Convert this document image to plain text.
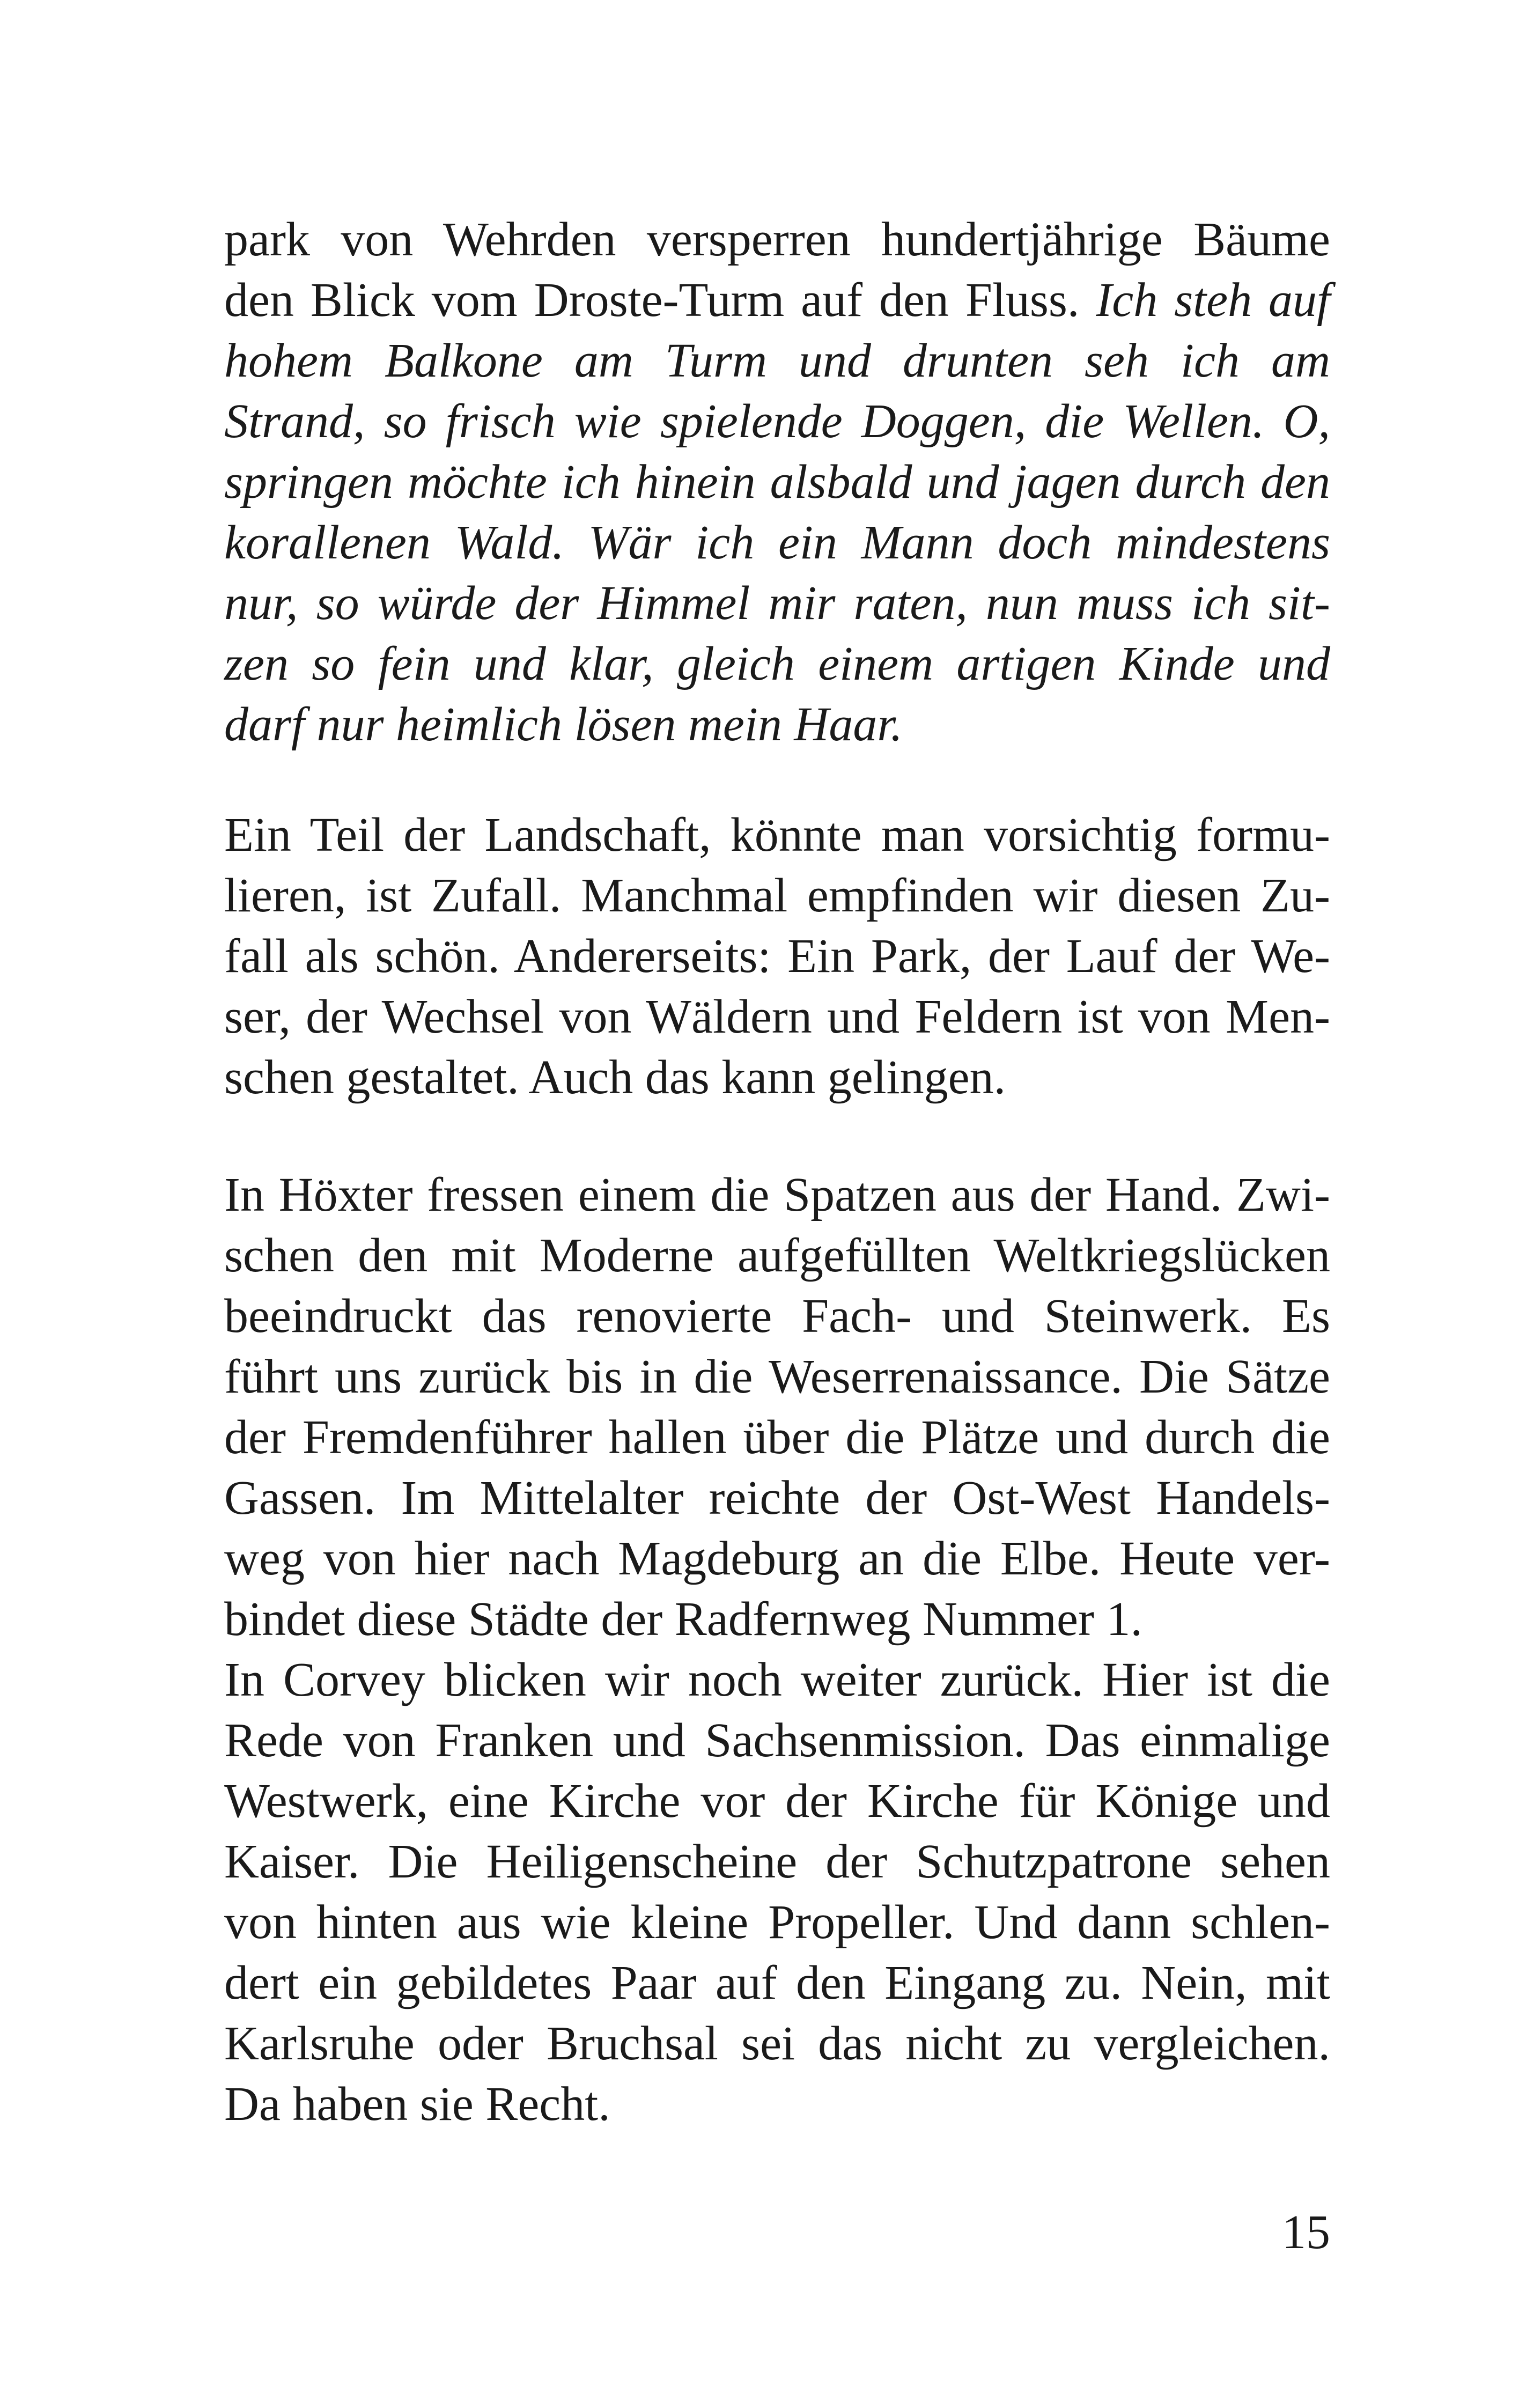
park von Wehrden versperren hundertjährige Bäume
den Blick vom Droste-Turm auf den Fluss. Ich steh auf
hohem Balkone am Turm und drunten seh ich am
Strand, so frisch wie spielende Doggen, die Wellen. O,
springen möchte ich hinein alsbald und jagen durch den
korallenen Wald. Wär ich ein Mann doch mindestens
nur, so würde der Himmel mir raten, nun muss ich sit-
zen so fein und klar, gleich einem artigen Kinde und
darf nur heimlich lösen mein Haar.
Ein Teil der Landschaft, könnte man vorsichtig formu-
lieren, ist Zufall. Manchmal empfinden wir diesen Zu-
fall als schön. Andererseits: Ein Park, der Lauf der We-
ser, der Wechsel von Wäldern und Feldern ist von Men-
schen gestaltet. Auch das kann gelingen.
In Höxter fressen einem die Spatzen aus der Hand. Zwi-
schen den mit Moderne aufgefüllten Weltkriegslücken
beeindruckt das renovierte Fach- und Steinwerk. Es
führt uns zurück bis in die Weserrenaissance. Die Sätze
der Fremdenführer hallen über die Plätze und durch die
Gassen. Im Mittelalter reichte der Ost-West Handels-
weg von hier nach Magdeburg an die Elbe. Heute ver-
bindet diese Städte der Radfernweg Nummer 1.
In Corvey blicken wir noch weiter zurück. Hier ist die
Rede von Franken und Sachsenmission. Das einmalige
Westwerk, eine Kirche vor der Kirche für Könige und
Kaiser. Die Heiligenscheine der Schutzpatrone sehen
von hinten aus wie kleine Propeller. Und dann schlen-
dert ein gebildetes Paar auf den Eingang zu. Nein, mit
Karlsruhe oder Bruchsal sei das nicht zu vergleichen.
Da haben sie Recht.
15
